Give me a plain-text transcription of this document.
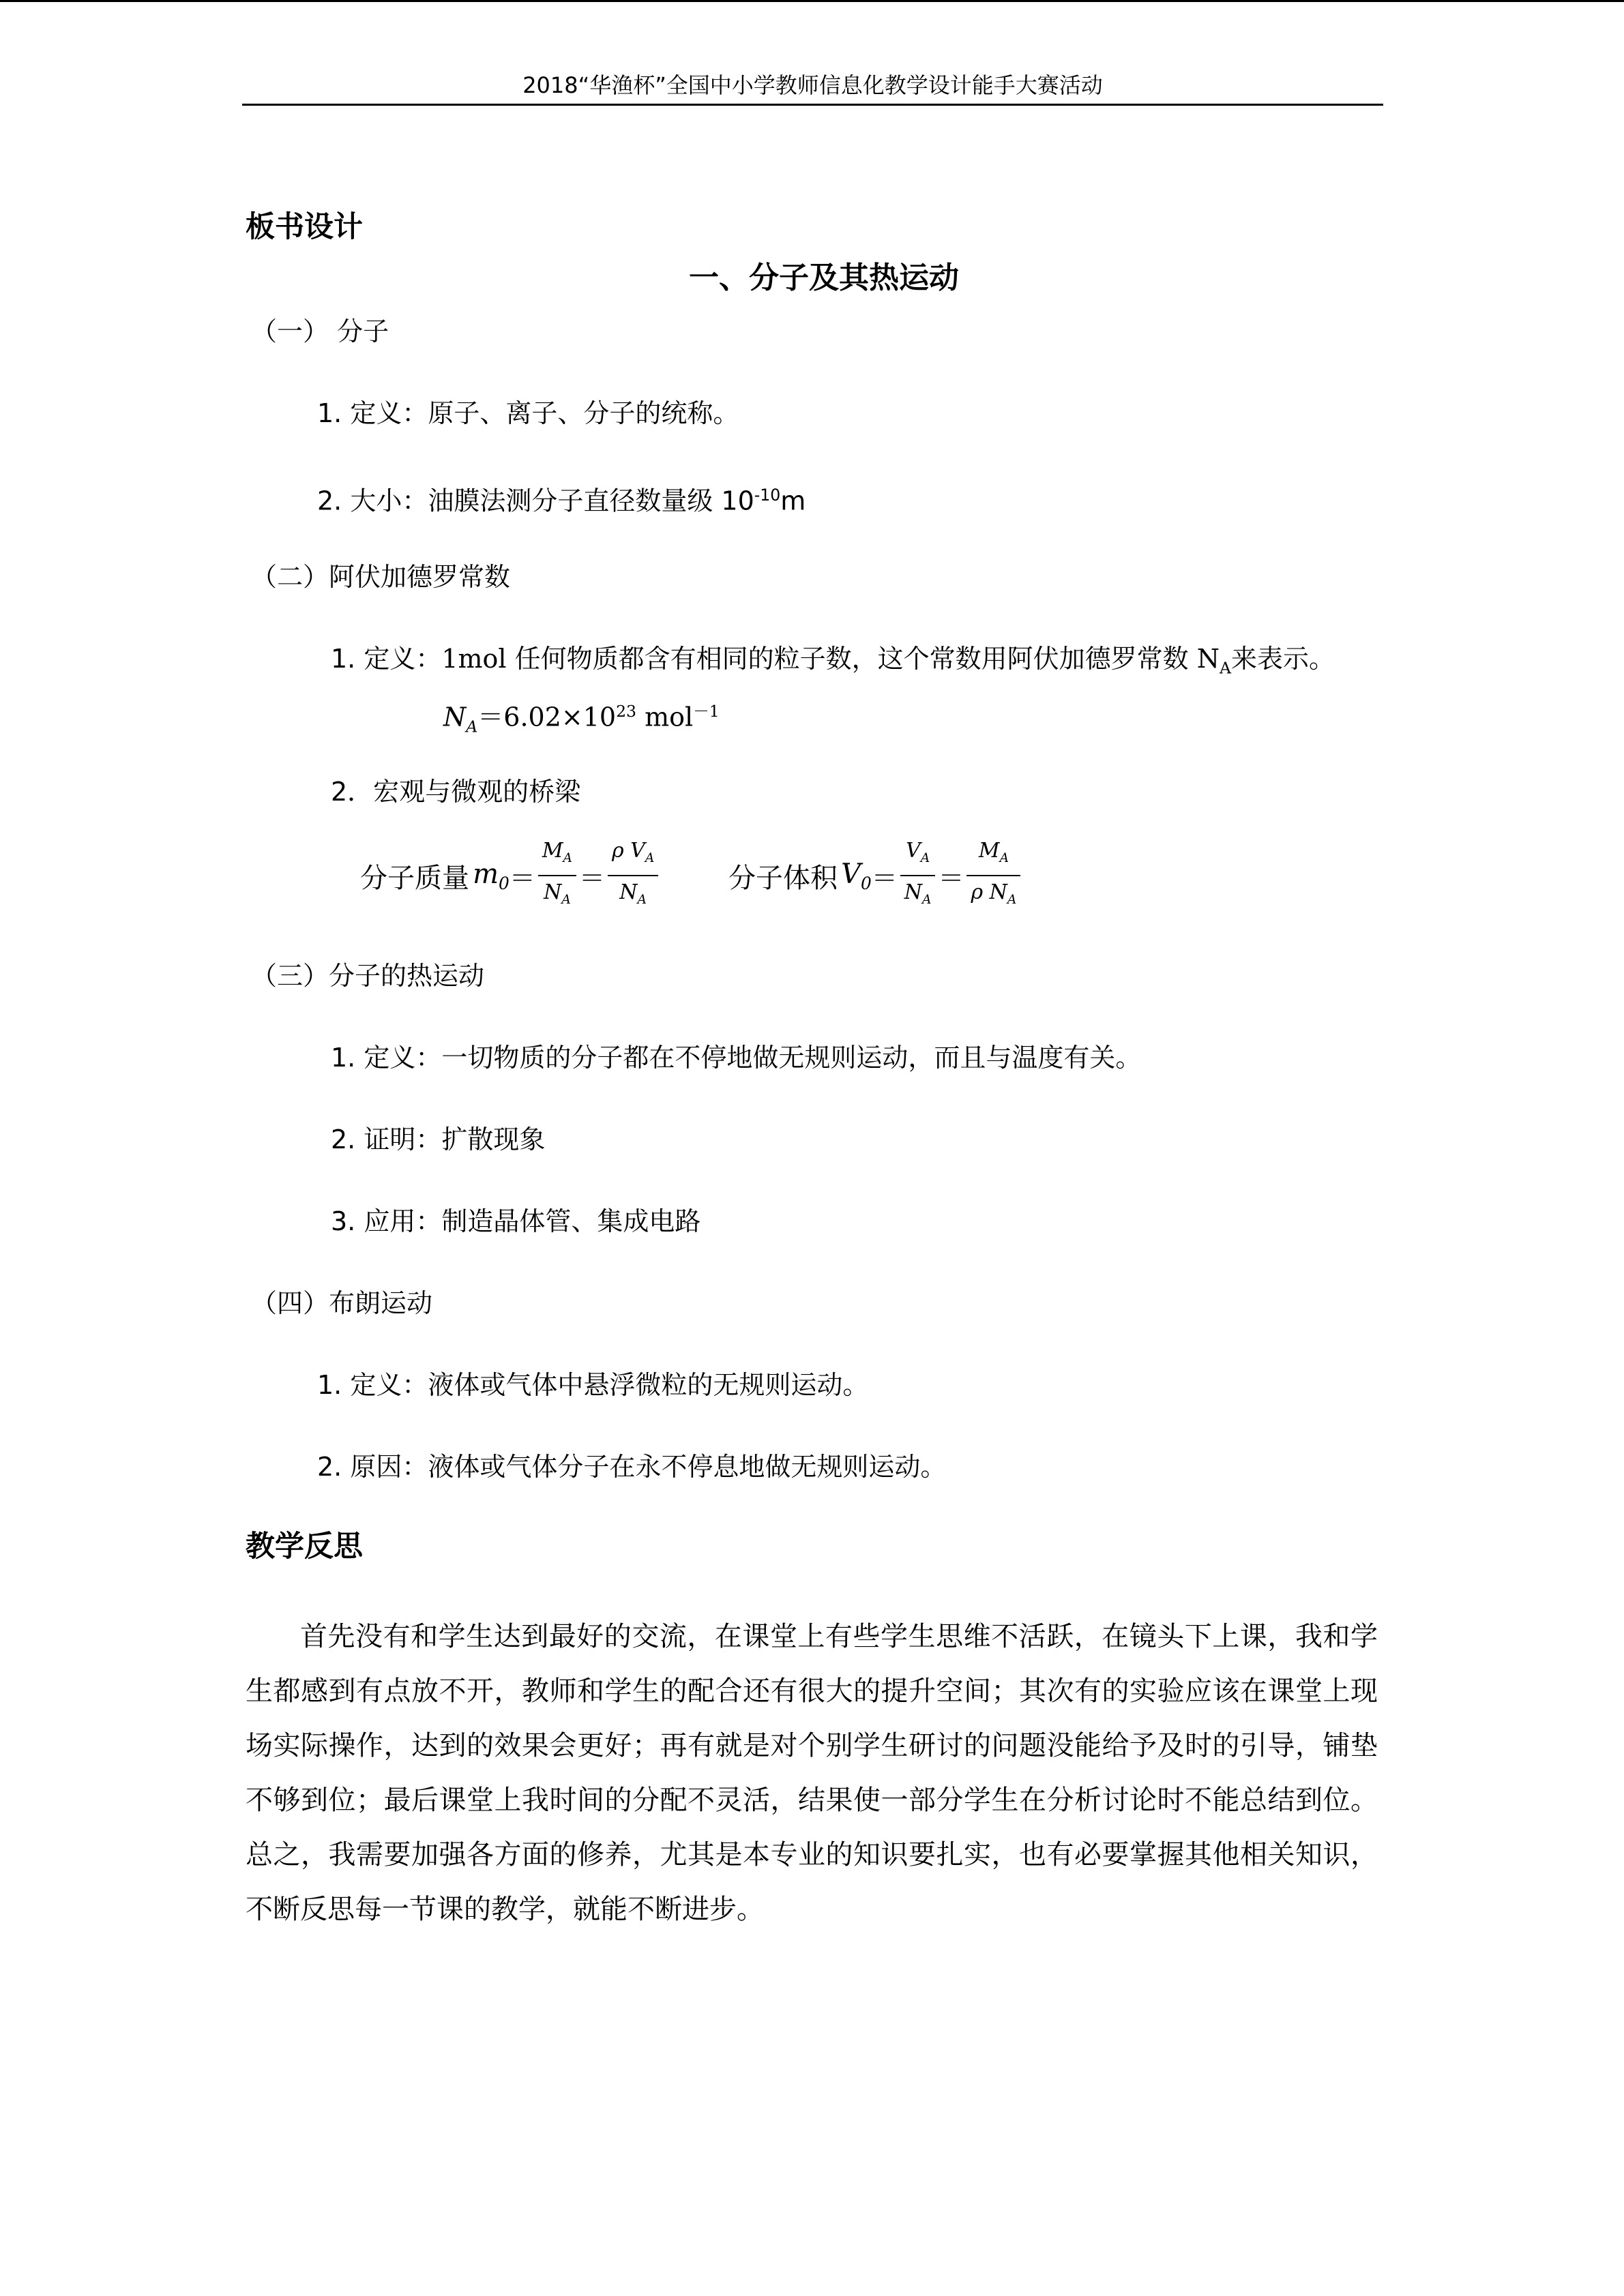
2018“华渔杯”全国中小学教师信息化教学设计能手大赛活动
板书设计
一、分子及其热运动
（一） 分子
1. 定义：原子、离子、分子的统称。
2. 大小：油膜法测分子直径数量级 $10^{-10}m$
（二）阿伏加德罗常数
1. 定义：1mol 任何物质都含有相同的粒子数，这个常数用阿伏加德罗常数 $N_A$来表示。
$N_A=6.02\times 10^{23}$ mol$^{-1}$
2．宏观与微观的桥梁
分子质量 $m_0= \frac{M_A}{N_A} = \frac{\rho V_A}{N_A}$	分子体积 $V_0= \frac{V_A}{N_A} = \frac{M_A}{\rho N_A}$
（三）分子的热运动
1. 定义：一切物质的分子都在不停地做无规则运动，而且与温度有关。
2. 证明：扩散现象
3. 应用：制造晶体管、集成电路
（四）布朗运动
1. 定义：液体或气体中悬浮微粒的无规则运动。
2. 原因：液体或气体分子在永不停息地做无规则运动。
教学反思
首先没有和学生达到最好的交流，在课堂上有些学生思维不活跃，在镜头下上课，我和学生都感到有点放不开，教师和学生的配合还有很大的提升空间；其次有的实验应该在课堂上现场实际操作，达到的效果会更好；再有就是对个别学生研讨的问题没能给予及时的引导，铺垫不够到位；最后课堂上我时间的分配不灵活，结果使一部分学生在分析讨论时不能总结到位。总之，我需要加强各方面的修养，尤其是本专业的知识要扎实，也有必要掌握其他相关知识，不断反思每一节课的教学，就能不断进步。
